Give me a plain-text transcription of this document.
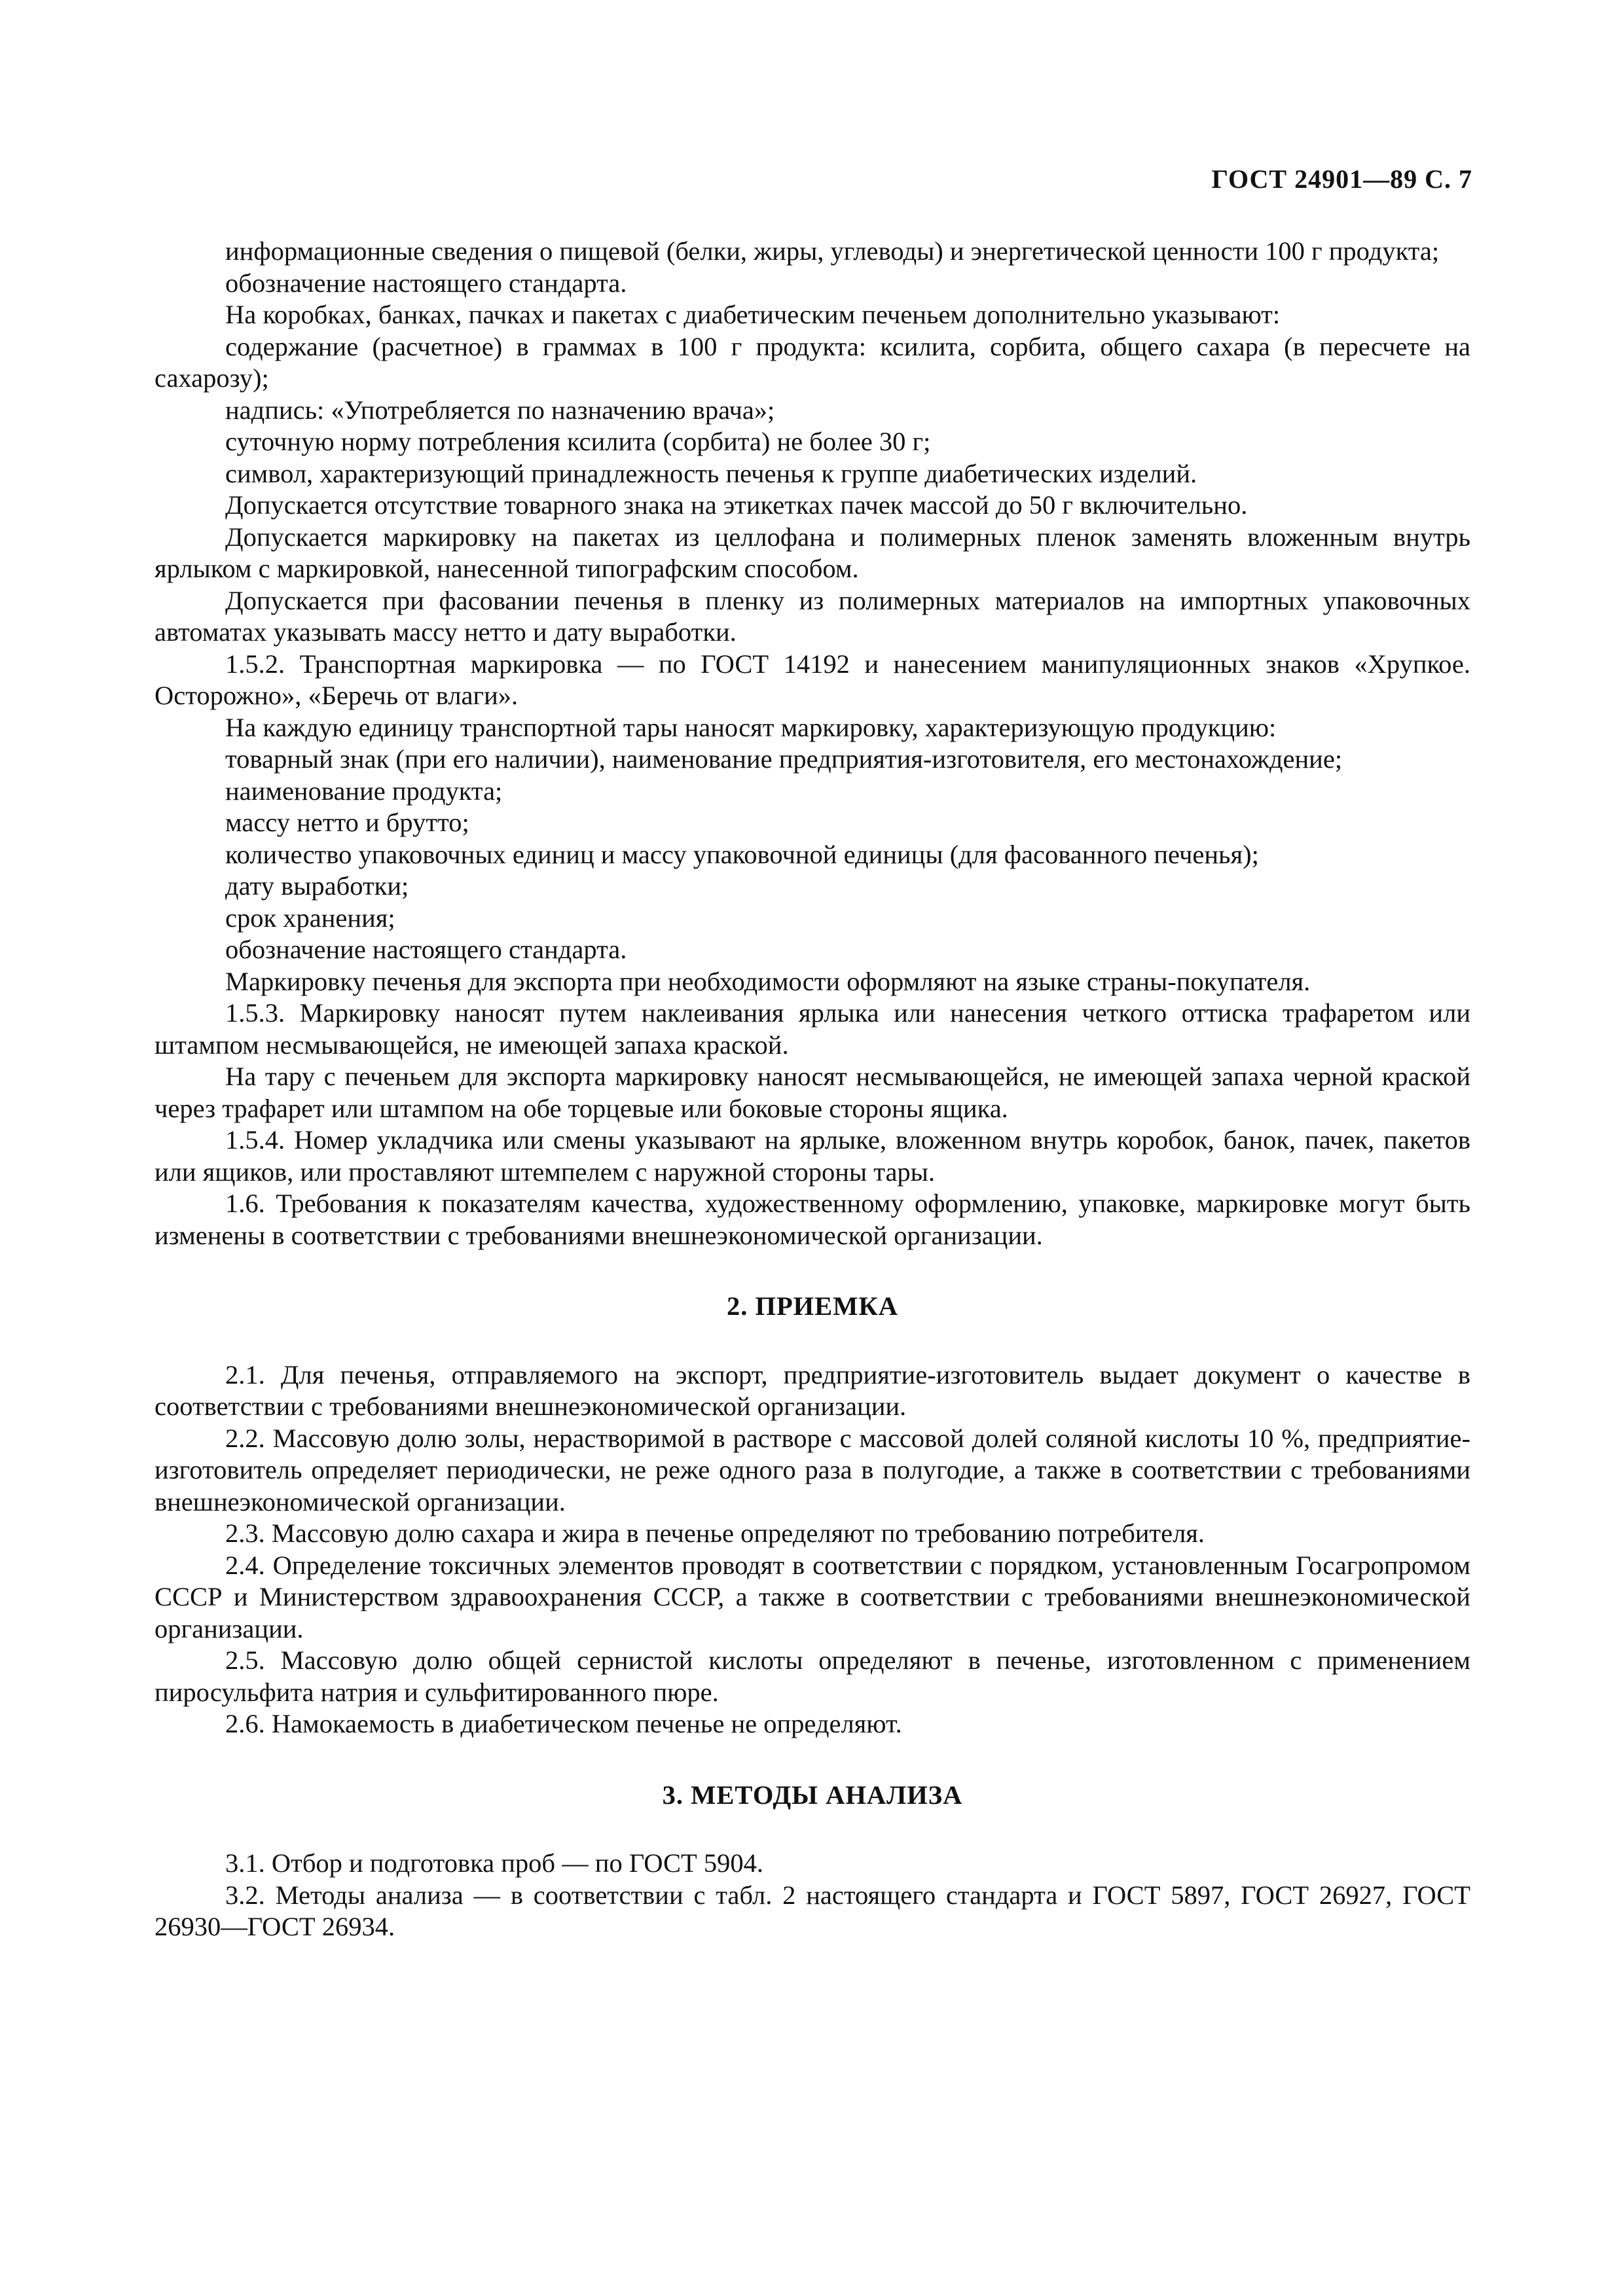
ГОСТ 24901—89 С. 7

информационные сведения о пищевой (белки, жиры, углеводы) и энергетической ценности 100 г продукта;

обозначение настоящего стандарта.

На коробках, банках, пачках и пакетах с диабетическим печеньем дополнительно указывают:

содержание (расчетное) в граммах в 100 г продукта: ксилита, сорбита, общего сахара (в пересчете на сахарозу);

надпись: «Употребляется по назначению врача»;

суточную норму потребления ксилита (сорбита) не более 30 г;

символ, характеризующий принадлежность печенья к группе диабетических изделий.

Допускается отсутствие товарного знака на этикетках пачек массой до 50 г включительно.

Допускается маркировку на пакетах из целлофана и полимерных пленок заменять вложенным внутрь ярлыком с маркировкой, нанесенной типографским способом.

Допускается при фасовании печенья в пленку из полимерных материалов на импортных упаковочных автоматах указывать массу нетто и дату выработки.

1.5.2. Транспортная маркировка — по ГОСТ 14192 и нанесением манипуляционных знаков «Хрупкое. Осторожно», «Беречь от влаги».

На каждую единицу транспортной тары наносят маркировку, характеризующую продукцию:

товарный знак (при его наличии), наименование предприятия-изготовителя, его местонахождение;

наименование продукта;

массу нетто и брутто;

количество упаковочных единиц и массу упаковочной единицы (для фасованного печенья);

дату выработки;

срок хранения;

обозначение настоящего стандарта.

Маркировку печенья для экспорта при необходимости оформляют на языке страны-покупателя.

1.5.3. Маркировку наносят путем наклеивания ярлыка или нанесения четкого оттиска трафаретом или штампом несмывающейся, не имеющей запаха краской.

На тару с печеньем для экспорта маркировку наносят несмывающейся, не имеющей запаха черной краской через трафарет или штампом на обе торцевые или боковые стороны ящика.

1.5.4. Номер укладчика или смены указывают на ярлыке, вложенном внутрь коробок, банок, пачек, пакетов или ящиков, или проставляют штемпелем с наружной стороны тары.

1.6. Требования к показателям качества, художественному оформлению, упаковке, маркировке могут быть изменены в соответствии с требованиями внешнеэкономической организации.

2. ПРИЕМКА

2.1. Для печенья, отправляемого на экспорт, предприятие-изготовитель выдает документ о качестве в соответствии с требованиями внешнеэкономической организации.

2.2. Массовую долю золы, нерастворимой в растворе с массовой долей соляной кислоты 10 %, предприятие-изготовитель определяет периодически, не реже одного раза в полугодие, а также в соответствии с требованиями внешнеэкономической организации.

2.3. Массовую долю сахара и жира в печенье определяют по требованию потребителя.

2.4. Определение токсичных элементов проводят в соответствии с порядком, установленным Госагропромом СССР и Министерством здравоохранения СССР, а также в соответствии с требованиями внешнеэкономической организации.

2.5. Массовую долю общей сернистой кислоты определяют в печенье, изготовленном с применением пиросульфита натрия и сульфитированного пюре.

2.6. Намокаемость в диабетическом печенье не определяют.

3. МЕТОДЫ АНАЛИЗА

3.1. Отбор и подготовка проб — по ГОСТ 5904.

3.2. Методы анализа — в соответствии с табл. 2 настоящего стандарта и ГОСТ 5897, ГОСТ 26927, ГОСТ 26930—ГОСТ 26934.
